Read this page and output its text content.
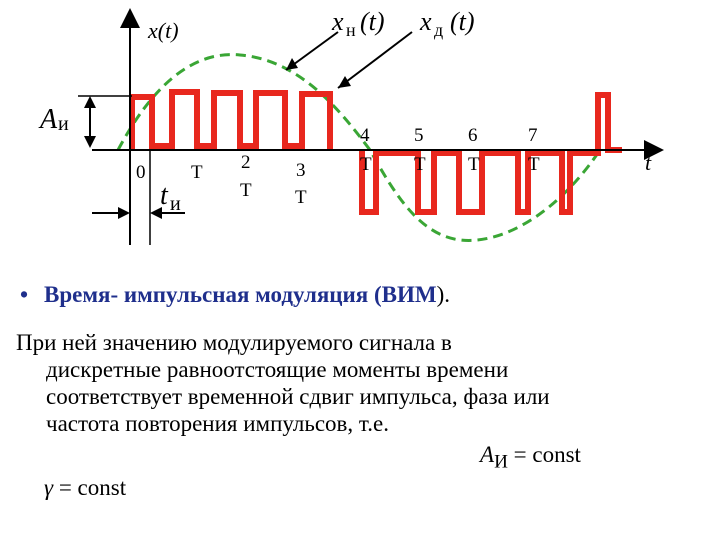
x(t)
t
A и
t и
x н (t) x д (t)
0 T 2
T
3
T
4
T
5
T
6
T
7
T
• Время- импульсная модуляция (ВИМ).
При ней значению модулируемого сигнала в
дискретные равноотстоящие моменты времени
соответствует временной сдвиг импульса, фаза или
частота повторения импульсов, т.е.
$A_И$ = const
γ = const
